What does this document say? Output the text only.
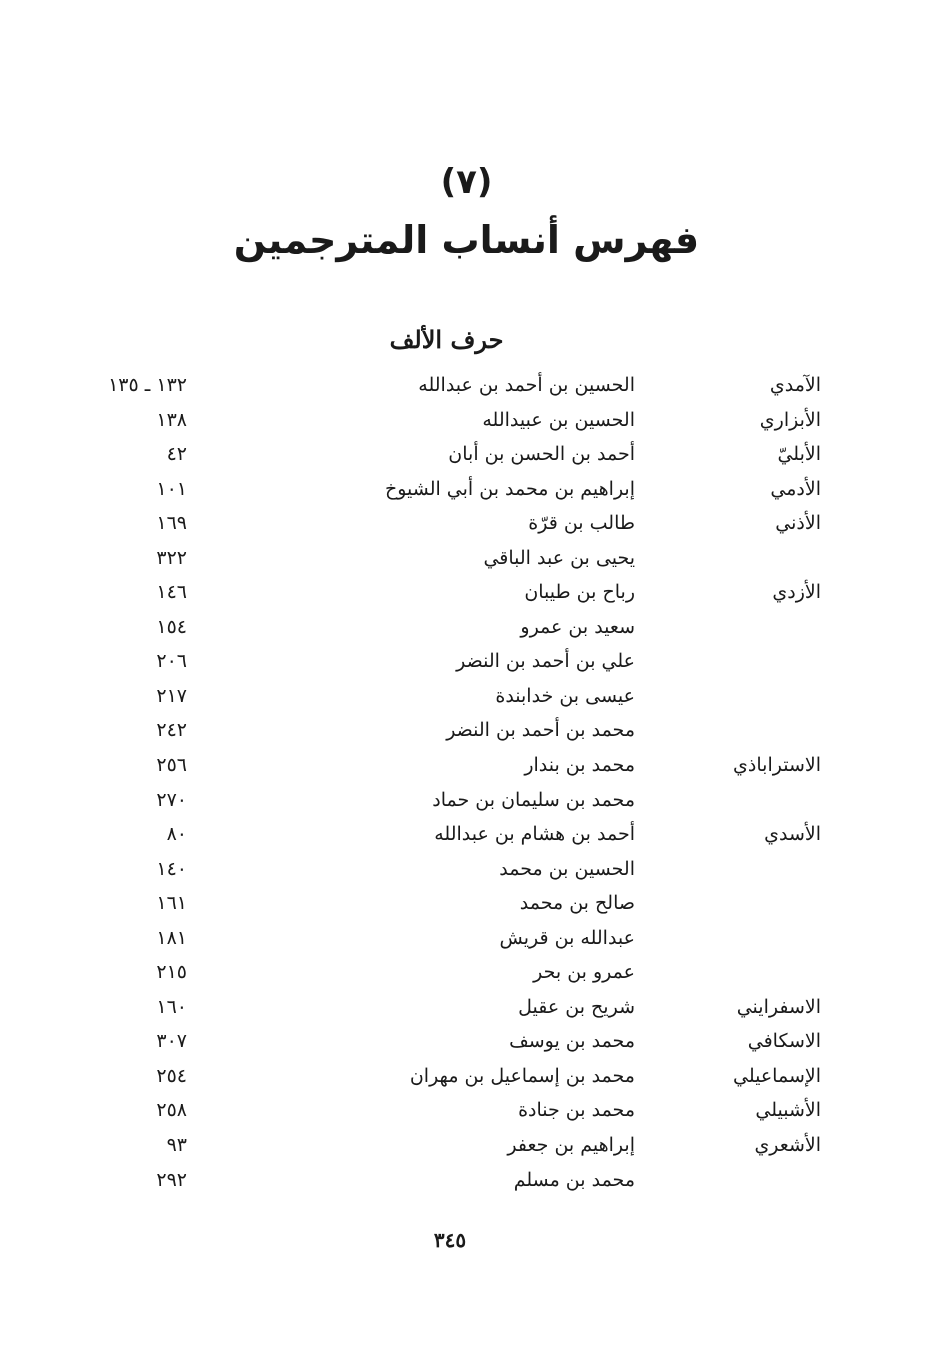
(٧)
فهرس أنساب المترجمين
حرف الألف
الآمدي
الحسين بن أحمد بن عبدالله
١٣٢ ـ ١٣٥
الأبزاري
الحسين بن عبيدالله
١٣٨
الأبليّ
أحمد بن الحسن بن أبان
٤٢
الأدمي
إبراهيم بن محمد بن أبي الشيوخ
١٠١
الأذني
طالب بن قرّة
١٦٩
يحيى بن عبد الباقي
٣٢٢
الأزدي
رباح بن طيبان
١٤٦
سعيد بن عمرو
١٥٤
علي بن أحمد بن النضر
٢٠٦
عيسى بن خدابندة
٢١٧
محمد بن أحمد بن النضر
٢٤٢
الاستراباذي
محمد بن بندار
٢٥٦
محمد بن سليمان بن حماد
٢٧٠
الأسدي
أحمد بن هشام بن عبدالله
٨٠
الحسين بن محمد
١٤٠
صالح بن محمد
١٦١
عبدالله بن قريش
١٨١
عمرو بن بحر
٢١٥
الاسفرايني
شريح بن عقيل
١٦٠
الاسكافي
محمد بن يوسف
٣٠٧
الإسماعيلي
محمد بن إسماعيل بن مهران
٢٥٤
الأشبيلي
محمد بن جنادة
٢٥٨
الأشعري
إبراهيم بن جعفر
٩٣
محمد بن مسلم
٢٩٢
٣٤٥
